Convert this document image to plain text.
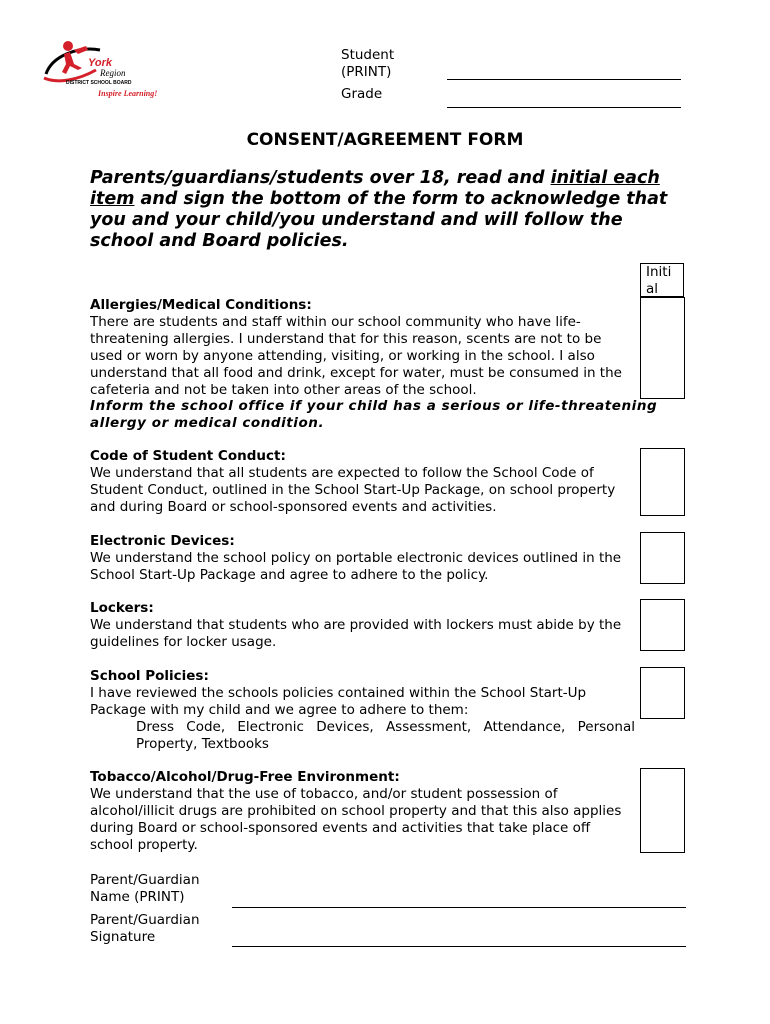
York
Region
DISTRICT SCHOOL BOARD
Inspire Learning!
Student
(PRINT)
Grade
CONSENT/AGREEMENT FORM
Parents/guardians/students over 18, read and initial each item and sign the bottom of the form to acknowledge that you and your child/you understand and will follow the school and Board policies.
Initi
al
Allergies/Medical Conditions:
There are students and staff within our school community who have life-threatening allergies. I understand that for this reason, scents are not to be used or worn by anyone attending, visiting, or working in the school. I also understand that all food and drink, except for water, must be consumed in the cafeteria and not be taken into other areas of the school.
Inform the school office if your child has a serious or life-threatening allergy or medical condition.
Code of Student Conduct:
We understand that all students are expected to follow the School Code of Student Conduct, outlined in the School Start-Up Package, on school property and during Board or school-sponsored events and activities.
Electronic Devices:
We understand the school policy on portable electronic devices outlined in the School Start-Up Package and agree to adhere to the policy.
Lockers:
We understand that students who are provided with lockers must abide by the guidelines for locker usage.
School Policies:
I have reviewed the schools policies contained within the School Start-Up Package with my child and we agree to adhere to them:
Dress Code, Electronic Devices, Assessment, Attendance, Personal Property, Textbooks
Tobacco/Alcohol/Drug-Free Environment:
We understand that the use of tobacco, and/or student possession of alcohol/illicit drugs are prohibited on school property and that this also applies during Board or school-sponsored events and activities that take place off school property.
Parent/Guardian
Name (PRINT)
Parent/Guardian
Signature
